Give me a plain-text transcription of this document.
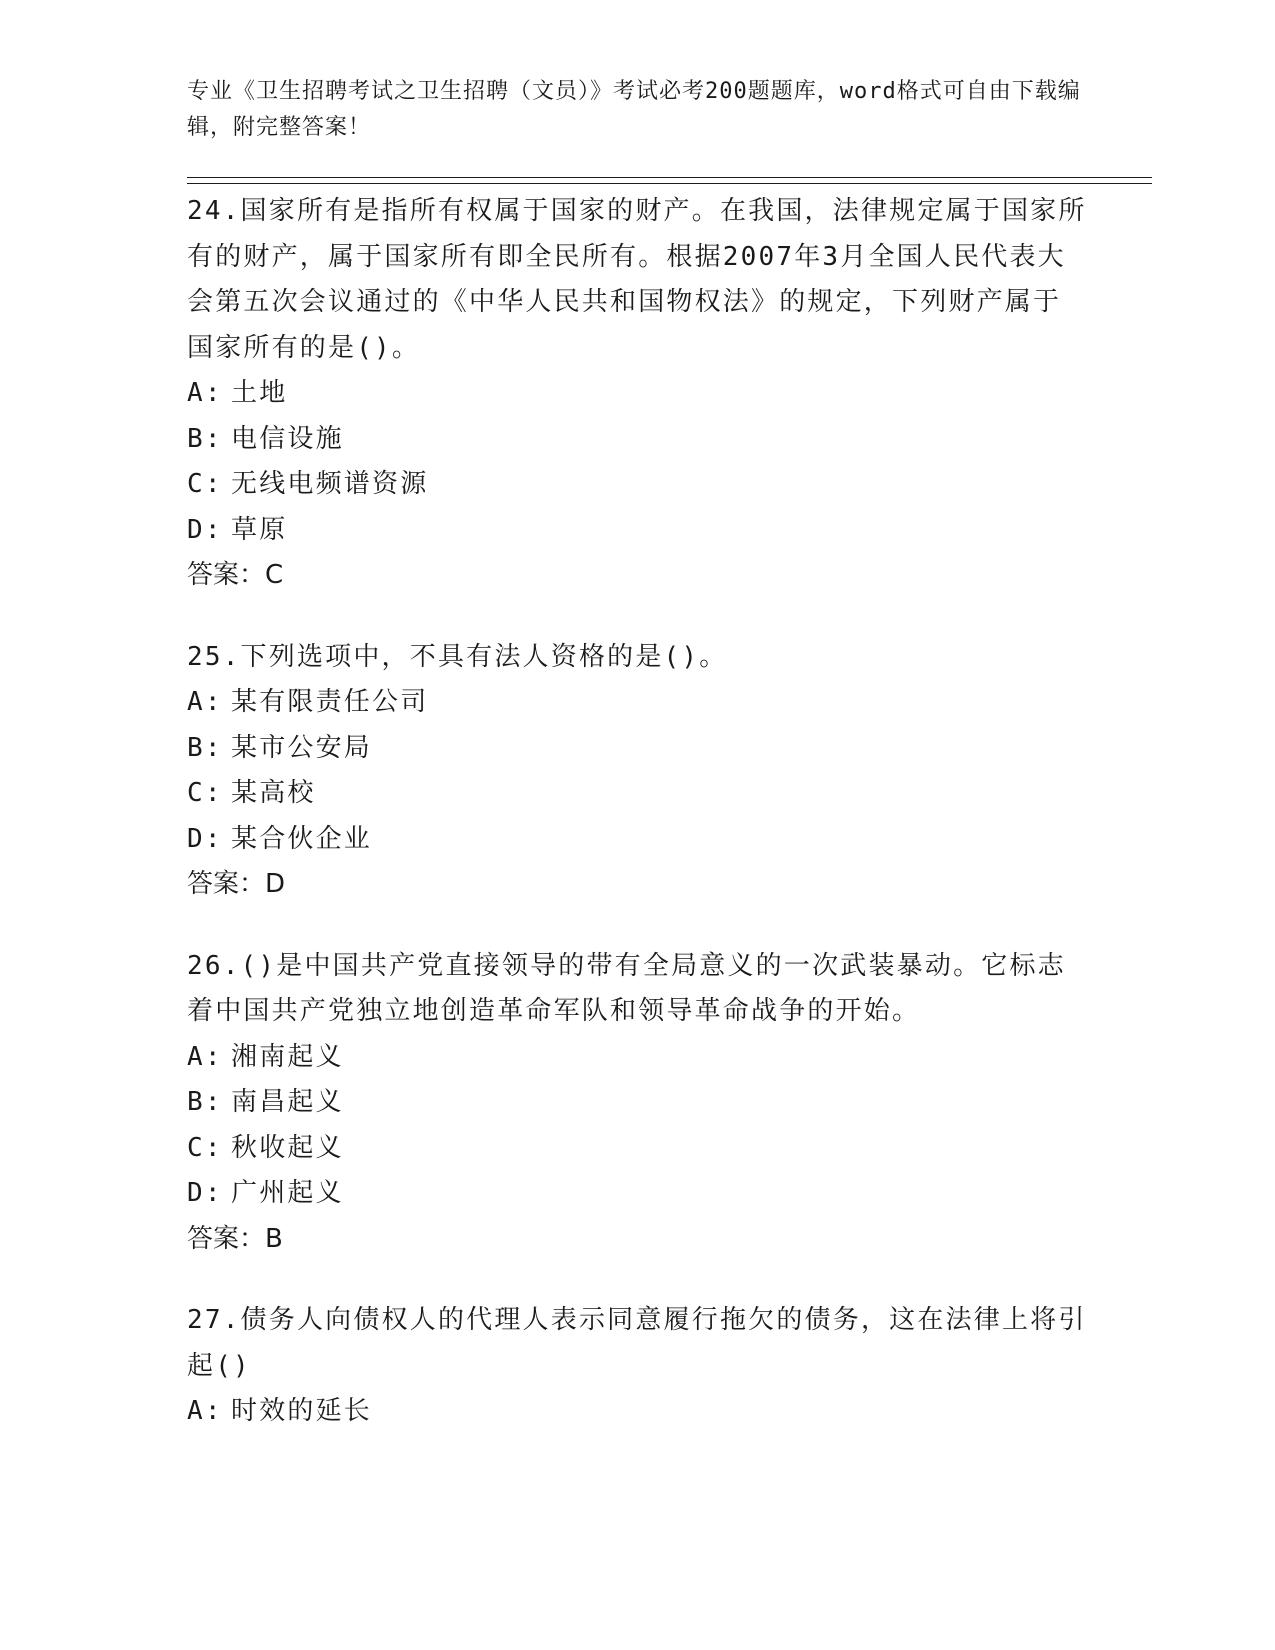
专业《卫生招聘考试之卫生招聘（文员）》考试必考200题题库，word格式可自由下载编辑，附完整答案！

24.国家所有是指所有权属于国家的财产。在我国，法律规定属于国家所有的财产，属于国家所有即全民所有。根据2007年3月全国人民代表大会第五次会议通过的《中华人民共和国物权法》的规定，下列财产属于国家所有的是()。

A: 土地

B: 电信设施

C: 无线电频谱资源

D: 草原

答案：C

25.下列选项中，不具有法人资格的是()。

A: 某有限责任公司

B: 某市公安局

C: 某高校

D: 某合伙企业

答案：D

26.()是中国共产党直接领导的带有全局意义的一次武装暴动。它标志着中国共产党独立地创造革命军队和领导革命战争的开始。

A: 湘南起义

B: 南昌起义

C: 秋收起义

D: 广州起义

答案：B

27.债务人向债权人的代理人表示同意履行拖欠的债务，这在法律上将引起()

A: 时效的延长
